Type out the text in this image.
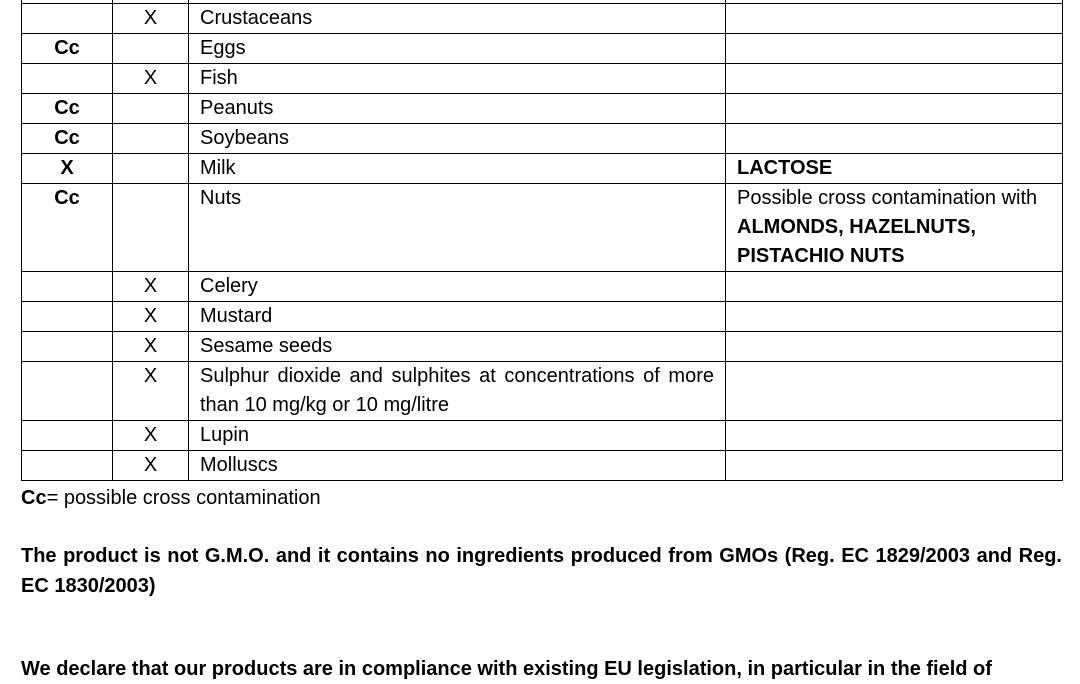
	X	Crustaceans	
Cc		Eggs	
	X	Fish	
Cc		Peanuts	
Cc		Soybeans	
X		Milk	LACTOSE
Cc		Nuts	Possible cross contamination with ALMONDS, HAZELNUTS, PISTACHIO NUTS
	X	Celery	
	X	Mustard	
	X	Sesame seeds	
	X	Sulphur dioxide and sulphites at concentrations of more than 10 mg/kg or 10 mg/litre	
	X	Lupin	
	X	Molluscs	
Cc= possible cross contamination
The product is not G.M.O. and it contains no ingredients produced from GMOs (Reg. EC 1829/2003 and Reg. EC 1830/2003)
We declare that our products are in compliance with existing EU legislation, in particular in the field of
